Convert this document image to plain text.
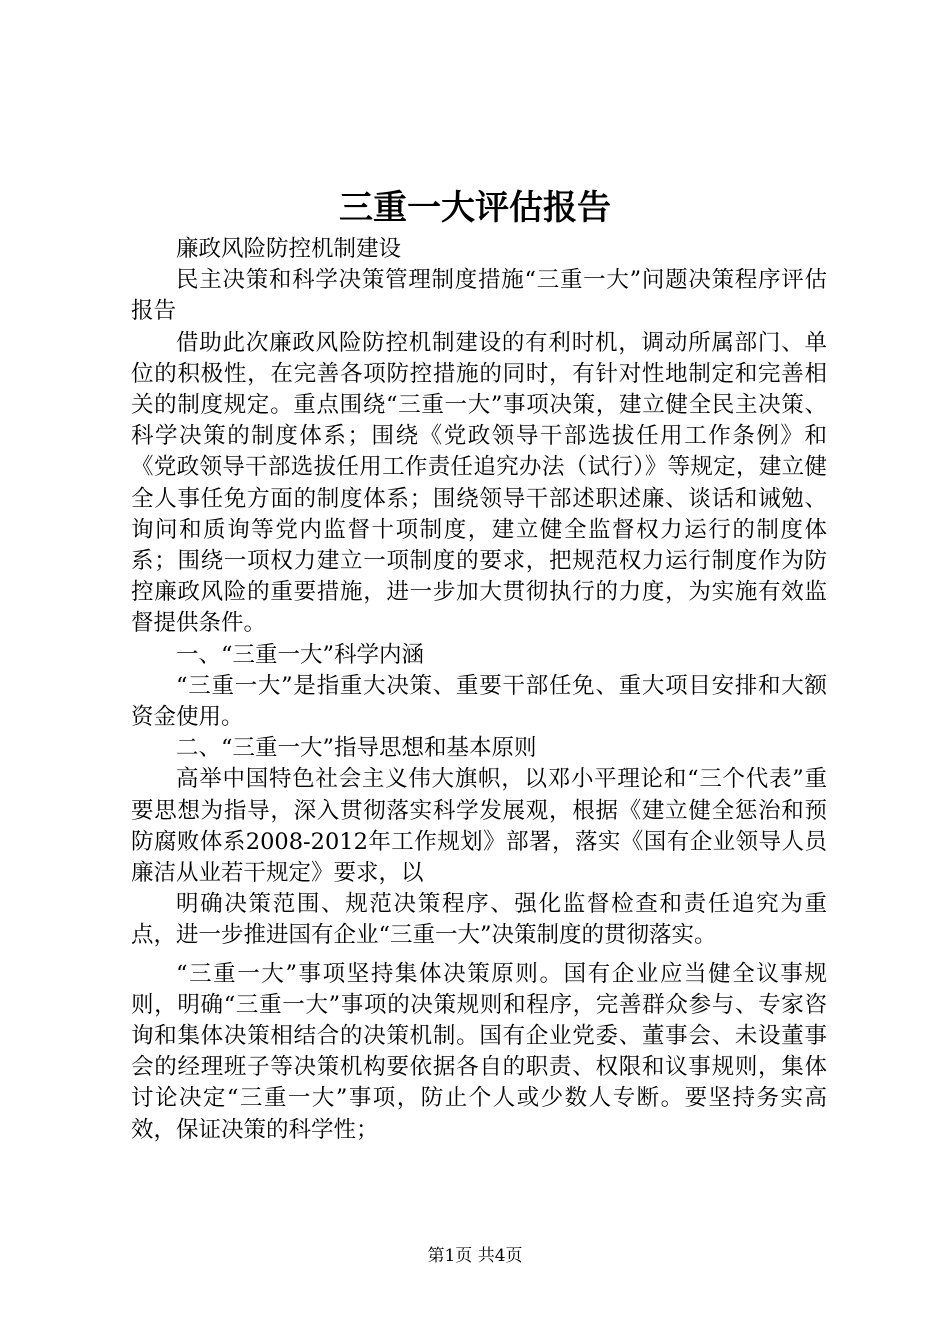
三重一大评估报告

廉政风险防控机制建设

民主决策和科学决策管理制度措施“三重一大”问题决策程序评估报告

借助此次廉政风险防控机制建设的有利时机，调动所属部门、单位的积极性，在完善各项防控措施的同时，有针对性地制定和完善相关的制度规定。重点围绕“三重一大”事项决策，建立健全民主决策、科学决策的制度体系；围绕《党政领导干部选拔任用工作条例》和《党政领导干部选拔任用工作责任追究办法（试行）》等规定，建立健全人事任免方面的制度体系；围绕领导干部述职述廉、谈话和诫勉、询问和质询等党内监督十项制度，建立健全监督权力运行的制度体系；围绕一项权力建立一项制度的要求，把规范权力运行制度作为防控廉政风险的重要措施，进一步加大贯彻执行的力度，为实施有效监督提供条件。

一、“三重一大”科学内涵

“三重一大”是指重大决策、重要干部任免、重大项目安排和大额资金使用。

二、“三重一大”指导思想和基本原则

高举中国特色社会主义伟大旗帜，以邓小平理论和“三个代表”重要思想为指导，深入贯彻落实科学发展观，根据《建立健全惩治和预防腐败体系2008-2012年工作规划》部署，落实《国有企业领导人员廉洁从业若干规定》要求，以

明确决策范围、规范决策程序、强化监督检查和责任追究为重点，进一步推进国有企业“三重一大”决策制度的贯彻落实。

“三重一大”事项坚持集体决策原则。国有企业应当健全议事规则，明确“三重一大”事项的决策规则和程序，完善群众参与、专家咨询和集体决策相结合的决策机制。国有企业党委、董事会、未设董事会的经理班子等决策机构要依据各自的职责、权限和议事规则，集体讨论决定“三重一大”事项，防止个人或少数人专断。要坚持务实高效，保证决策的科学性；

第1页 共4页
